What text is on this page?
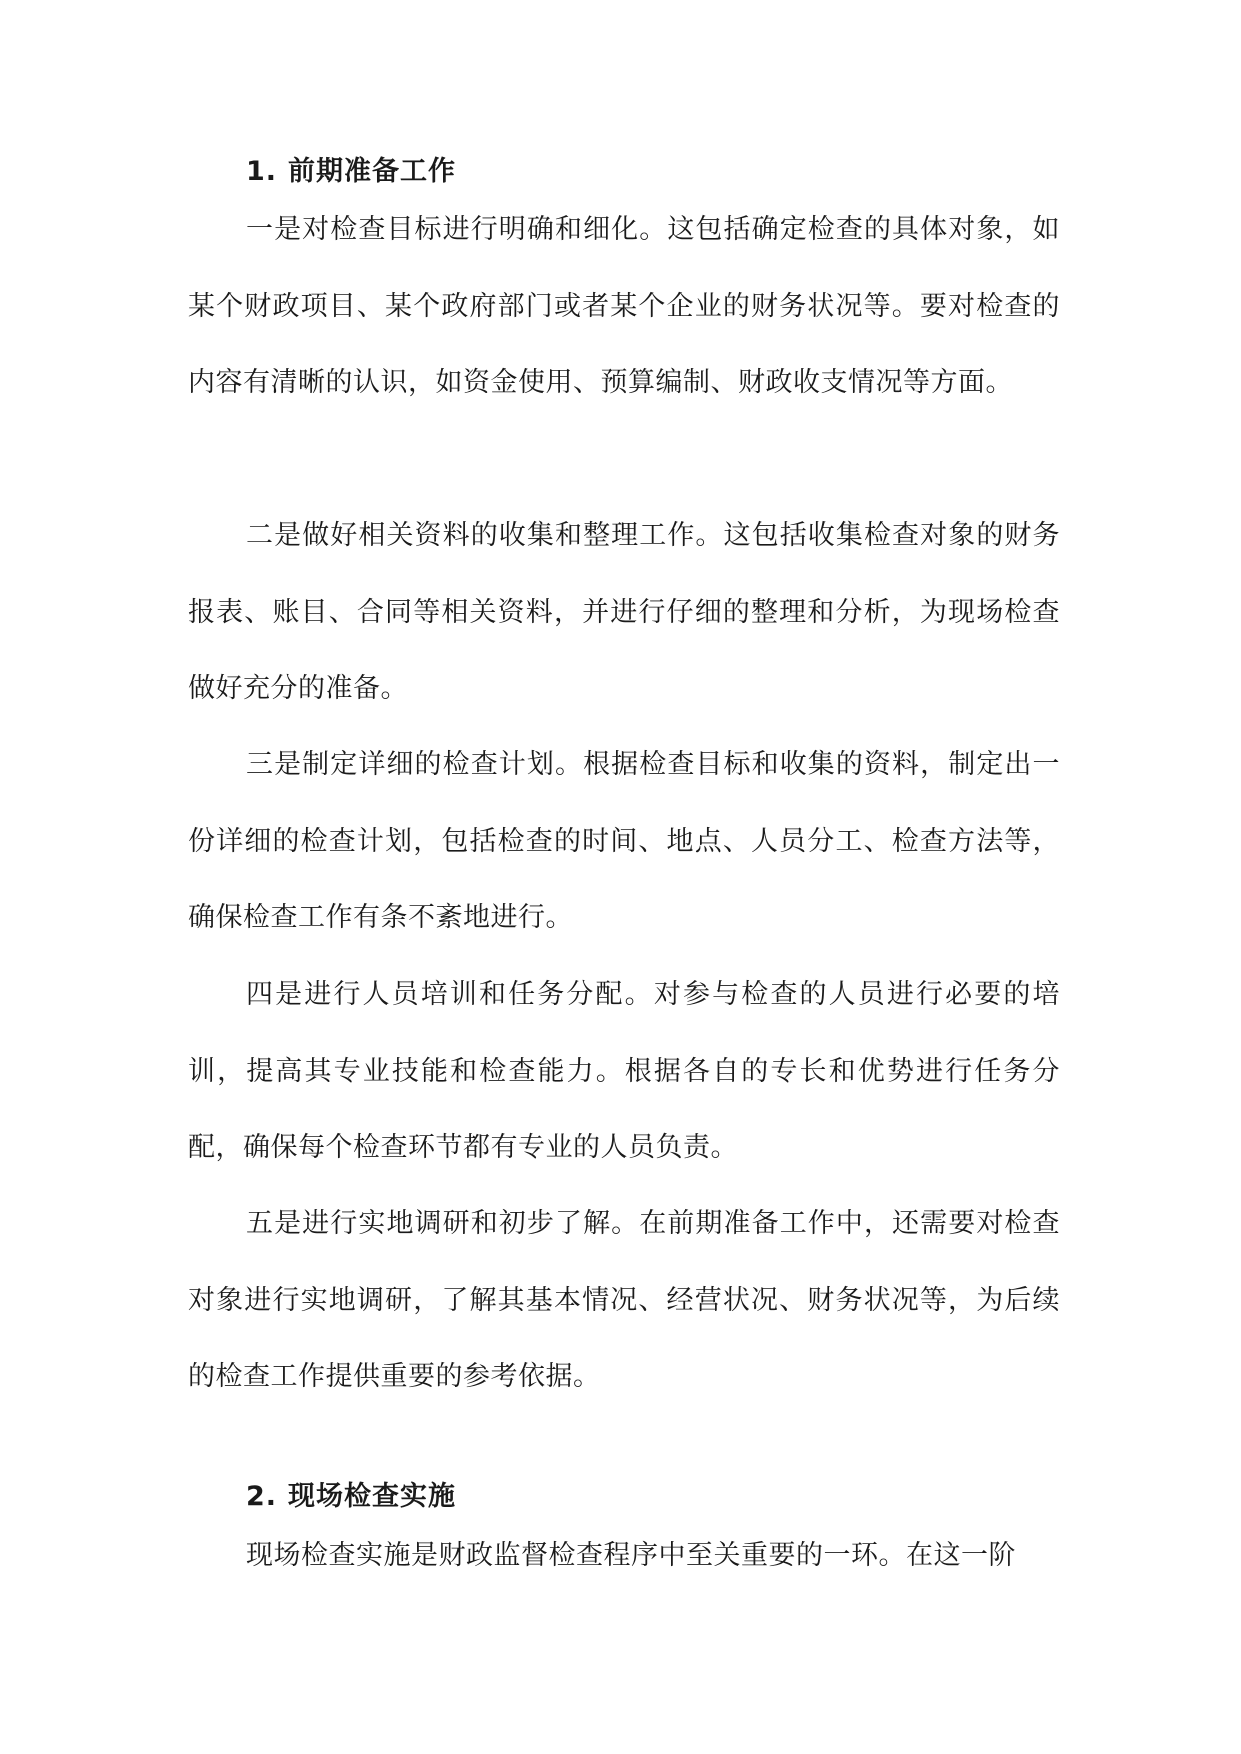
1. 前期准备工作

一是对检查目标进行明确和细化。这包括确定检查的具体对象，如某个财政项目、某个政府部门或者某个企业的财务状况等。要对检查的内容有清晰的认识，如资金使用、预算编制、财政收支情况等方面。

二是做好相关资料的收集和整理工作。这包括收集检查对象的财务报表、账目、合同等相关资料，并进行仔细的整理和分析，为现场检查做好充分的准备。

三是制定详细的检查计划。根据检查目标和收集的资料，制定出一份详细的检查计划，包括检查的时间、地点、人员分工、检查方法等，确保检查工作有条不紊地进行。

四是进行人员培训和任务分配。对参与检查的人员进行必要的培训，提高其专业技能和检查能力。根据各自的专长和优势进行任务分配，确保每个检查环节都有专业的人员负责。

五是进行实地调研和初步了解。在前期准备工作中，还需要对检查对象进行实地调研，了解其基本情况、经营状况、财务状况等，为后续的检查工作提供重要的参考依据。

2. 现场检查实施

现场检查实施是财政监督检查程序中至关重要的一环。在这一阶
